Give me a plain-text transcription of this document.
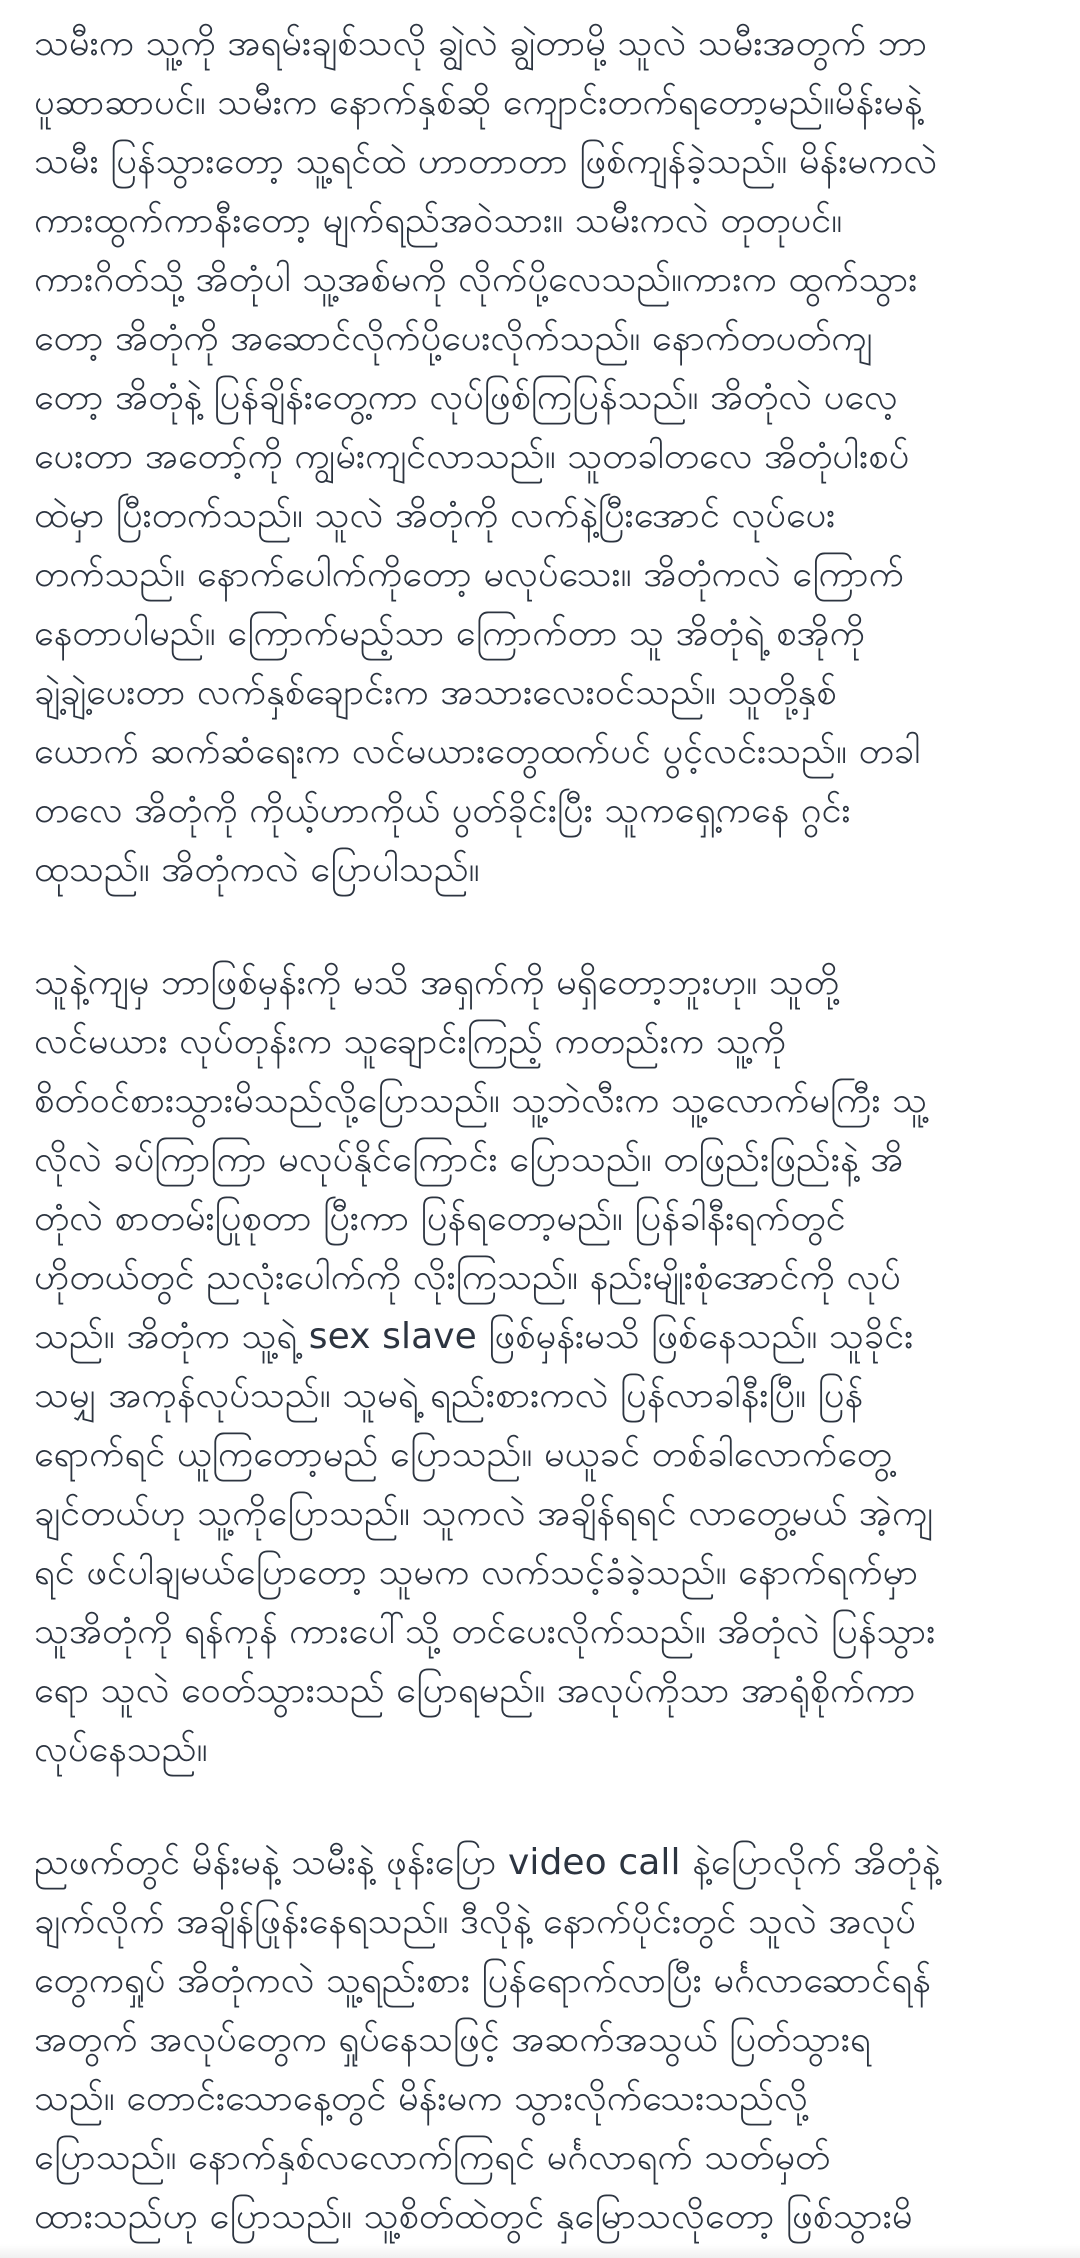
သမီးက သူ့ကို အရမ်းချစ်သလို ချွဲလဲ ချွဲတာမို့ သူလဲ သမီးအတွက် ဘာ
ပူဆာဆာပင်။ သမီးက နောက်နှစ်ဆို ကျောင်းတက်ရတော့မည်။မိန်းမနဲ့
သမီး ပြန်သွားတော့ သူ့ရင်ထဲ ဟာတာတာ ဖြစ်ကျန်ခဲ့သည်။ မိန်းမကလဲ
ကားထွက်ကာနီးတော့ မျက်ရည်အဝဲသား။ သမီးကလဲ တုတုပင်။
ကားဂိတ်သို့ အိတုံပါ သူ့အစ်မကို လိုက်ပို့လေသည်။ကားက ထွက်သွား
တော့ အိတုံကို အဆောင်လိုက်ပို့ပေးလိုက်သည်။ နောက်တပတ်ကျ
တော့ အိတုံနဲ့ ပြန်ချိန်းတွေ့ကာ လုပ်ဖြစ်ကြပြန်သည်။ အိတုံလဲ ပလေ့
ပေးတာ အတော့်ကို ကျွမ်းကျင်လာသည်။ သူတခါတလေ အိတုံပါးစပ်
ထဲမှာ ပြီးတက်သည်။ သူလဲ အိတုံကို လက်နဲ့ပြီးအောင် လုပ်ပေး
တက်သည်။ နောက်ပေါက်ကိုတော့ မလုပ်သေး။ အိတုံကလဲ ကြောက်
နေတာပါမည်။ ကြောက်မည့်သာ ကြောက်တာ သူ အိတုံရဲ့ စအိုကို
ချဲ့ချဲ့ပေးတာ လက်နှစ်ချောင်းက အသားလေးဝင်သည်။ သူတို့နှစ်
ယောက် ဆက်ဆံရေးက လင်မယားတွေထက်ပင် ပွင့်လင်းသည်။ တခါ
တလေ အိတုံကို ကိုယ့်ဟာကိုယ် ပွတ်ခိုင်းပြီး သူကရှေ့ကနေ ဂွင်း
ထုသည်။ အိတုံကလဲ ပြောပါသည်။
သူနဲ့ကျမှ ဘာဖြစ်မှန်းကို မသိ အရှက်ကို မရှိတော့ဘူးဟု။ သူတို့
လင်မယား လုပ်တုန်းက သူချောင်းကြည့် ကတည်းက သူ့ကို
စိတ်ဝင်စားသွားမိသည်လို့ပြောသည်။ သူ့ဘဲလီးက သူ့လောက်မကြီး သူ့
လိုလဲ ခပ်ကြာကြာ မလုပ်နိုင်ကြောင်း ပြောသည်။ တဖြည်းဖြည်းနဲ့ အိ
တုံလဲ စာတမ်းပြုစုတာ ပြီးကာ ပြန်ရတော့မည်။ ပြန်ခါနီးရက်တွင်
ဟိုတယ်တွင် ညလုံးပေါက်ကို လိုးကြသည်။ နည်းမျိုးစုံအောင်ကို လုပ်
သည်။ အိတုံက သူ့ရဲ့ sex slave ဖြစ်မှန်းမသိ ဖြစ်နေသည်။ သူခိုင်း
သမျှ အကုန်လုပ်သည်။ သူမရဲ့ ရည်းစားကလဲ ပြန်လာခါနီးပြီ။ ပြန်
ရောက်ရင် ယူကြတော့မည် ပြောသည်။ မယူခင် တစ်ခါလောက်တွေ့
ချင်တယ်ဟု သူ့ကိုပြောသည်။ သူကလဲ အချိန်ရရင် လာတွေ့မယ် အဲ့ကျ
ရင် ဖင်ပါချမယ်ပြောတော့ သူမက လက်သင့်ခံခဲ့သည်။ နောက်ရက်မှာ
သူအိတုံကို ရန်ကုန် ကားပေါ်သို့ တင်ပေးလိုက်သည်။ အိတုံလဲ ပြန်သွား
ရော သူလဲ ဝေတ်သွားသည် ပြောရမည်။ အလုပ်ကိုသာ အာရုံစိုက်ကာ
လုပ်နေသည်။
ညဖက်တွင် မိန်းမနဲ့ သမီးနဲ့ ဖုန်းပြော video call နဲ့ပြောလိုက် အိတုံနဲ့
ချက်လိုက် အချိန်ဖြုန်းနေရသည်။ ဒီလိုနဲ့ နောက်ပိုင်းတွင် သူလဲ အလုပ်
တွေကရှုပ် အိတုံကလဲ သူ့ရည်းစား ပြန်ရောက်လာပြီး မင်္ဂလာဆောင်ရန်
အတွက် အလုပ်တွေက ရှုပ်နေသဖြင့် အဆက်အသွယ် ပြတ်သွားရ
သည်။ တောင်းသောနေ့တွင် မိန်းမက သွားလိုက်သေးသည်လို့
ပြောသည်။ နောက်နှစ်လလောက်ကြရင် မင်္ဂလာရက် သတ်မှတ်
ထားသည်ဟု ပြောသည်။ သူ့စိတ်ထဲတွင် နှမြောသလိုတော့ ဖြစ်သွားမိ
